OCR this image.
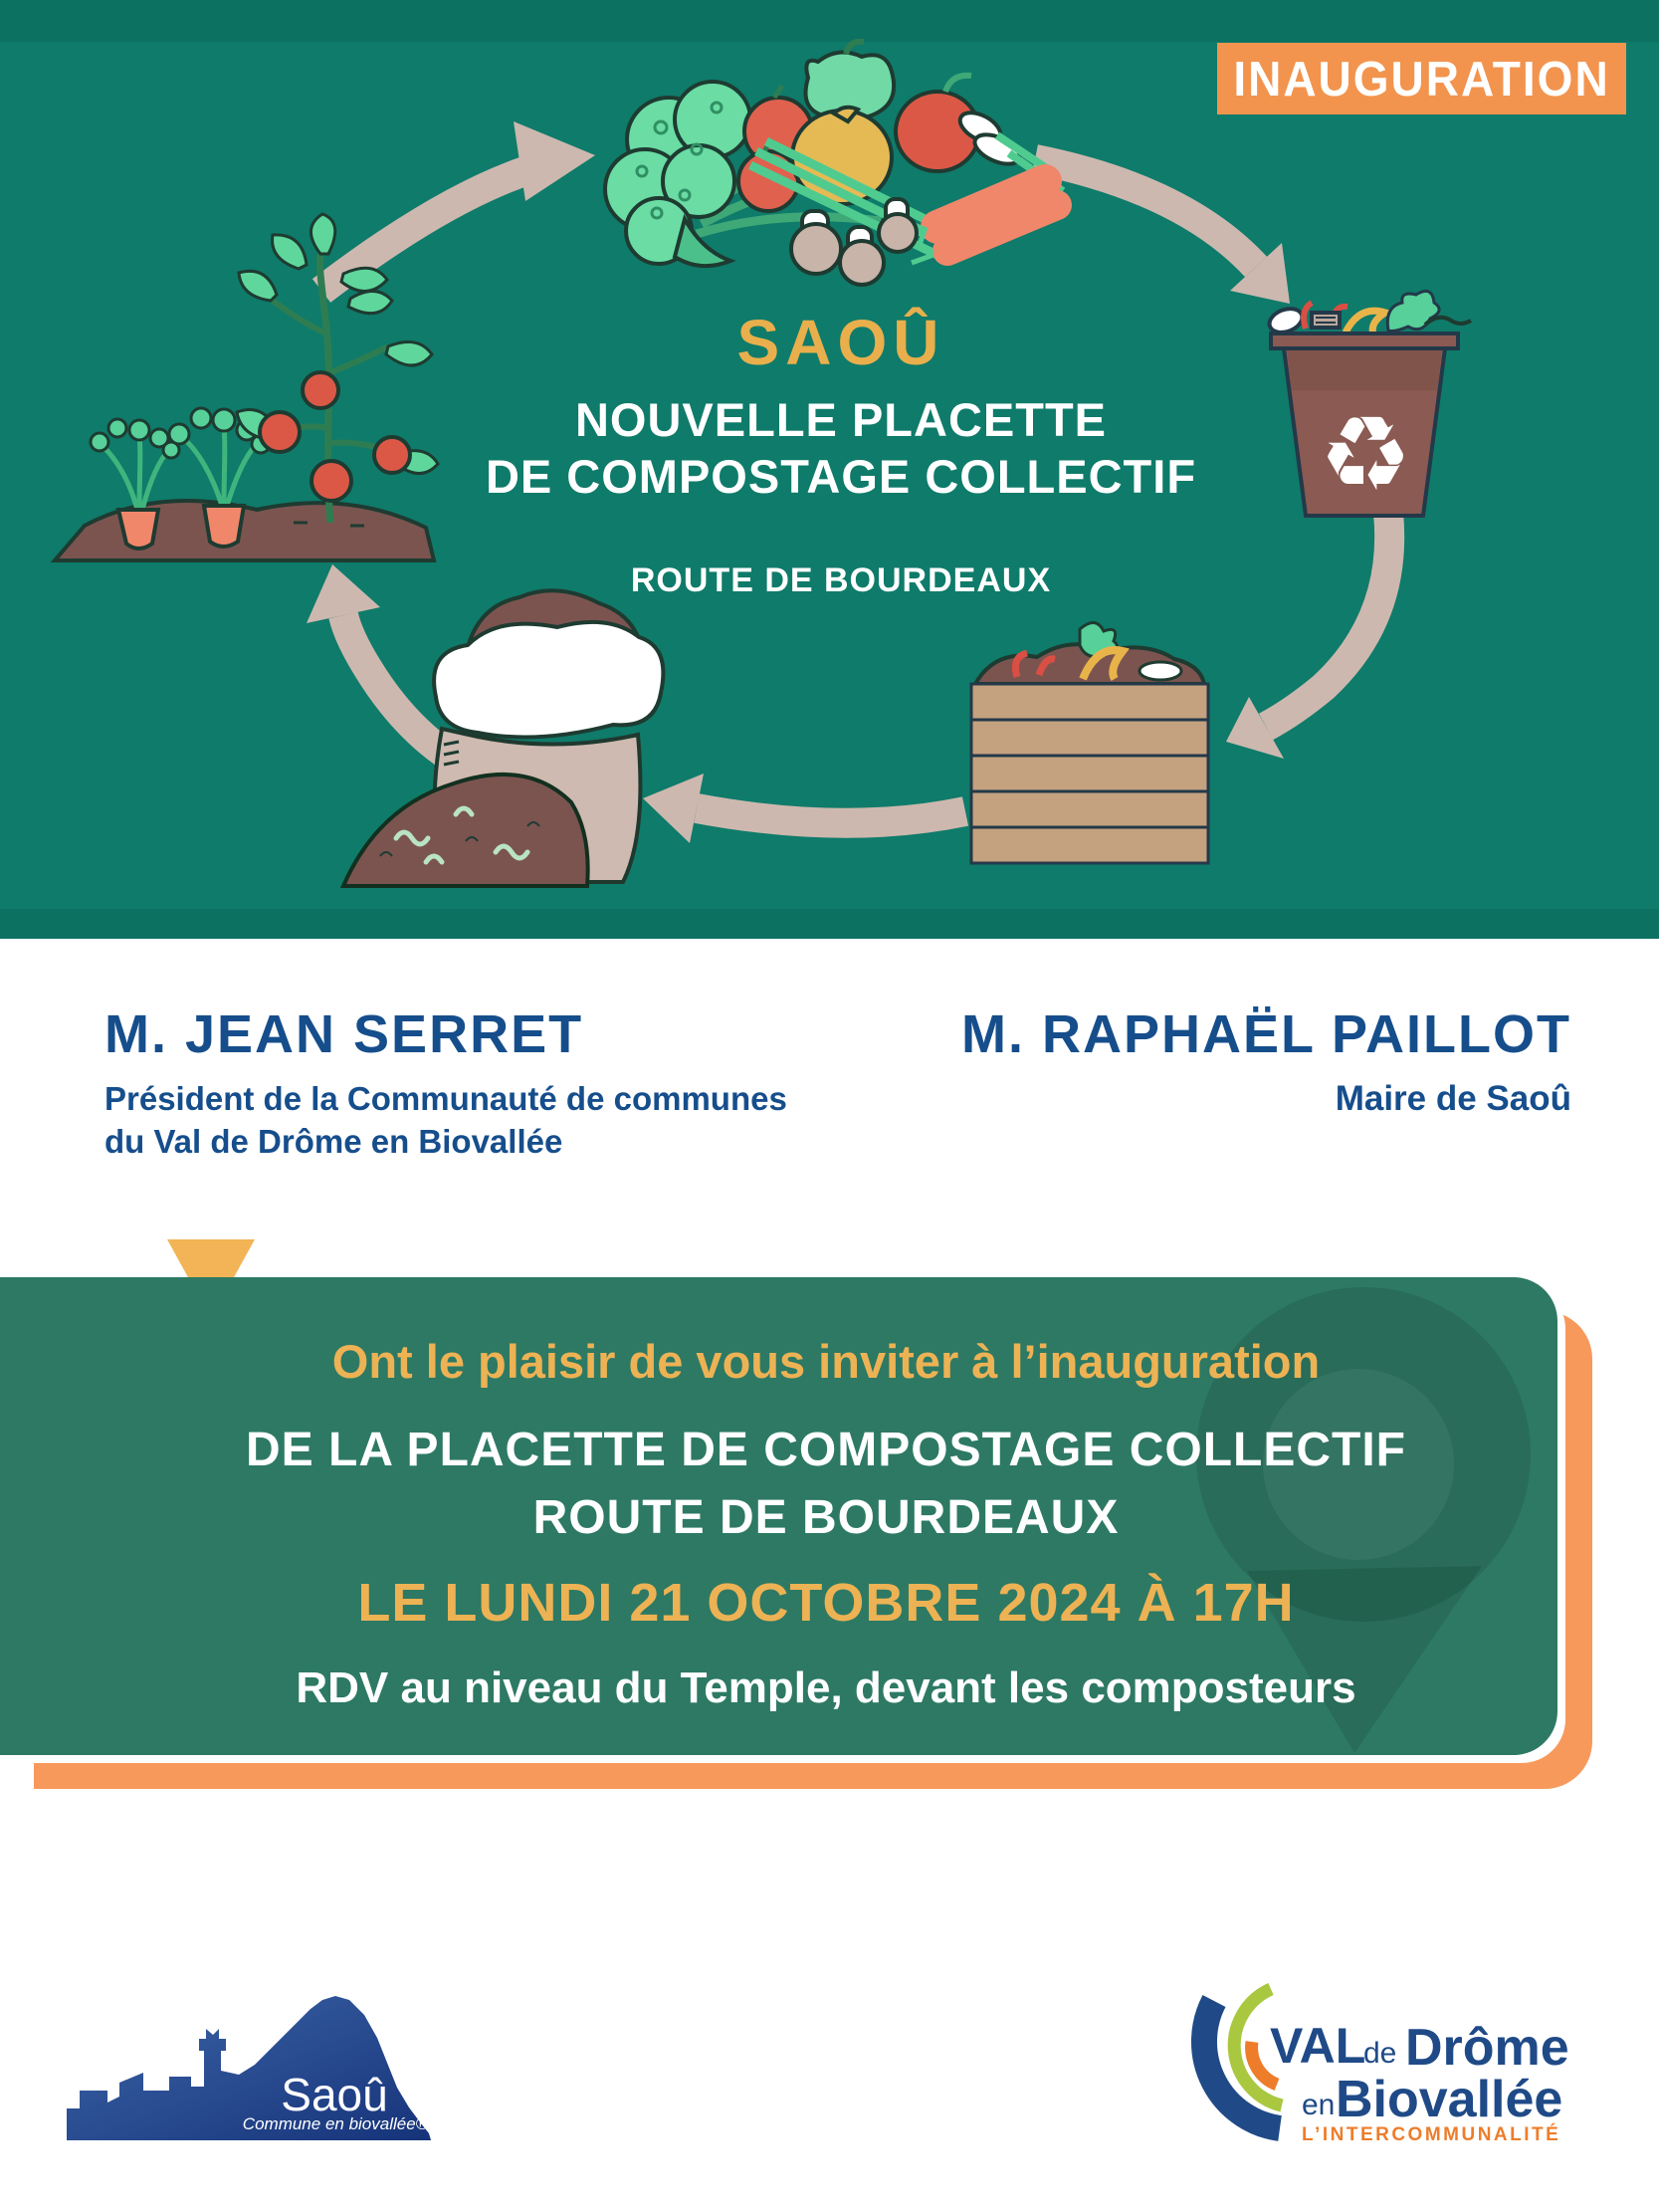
♻
INAUGURATION
SAOÛ
NOUVELLE PLACETTE
DE COMPOSTAGE COLLECTIF
ROUTE DE BOURDEAUX
M. JEAN SERRET
Président de la Communauté de communes
du Val de Drôme en Biovallée
M. RAPHAËL PAILLOT
Maire de Saoû
Ont le plaisir de vous inviter à l’inauguration
DE LA PLACETTE DE COMPOSTAGE COLLECTIF
ROUTE DE BOURDEAUX
LE LUNDI 21 OCTOBRE 2024 À 17H
RDV au niveau du Temple, devant les composteurs
Saoû
Commune en biovallée®
VAL
de Drôme
en Biovallée
L’INTERCOMMUNALITÉ
